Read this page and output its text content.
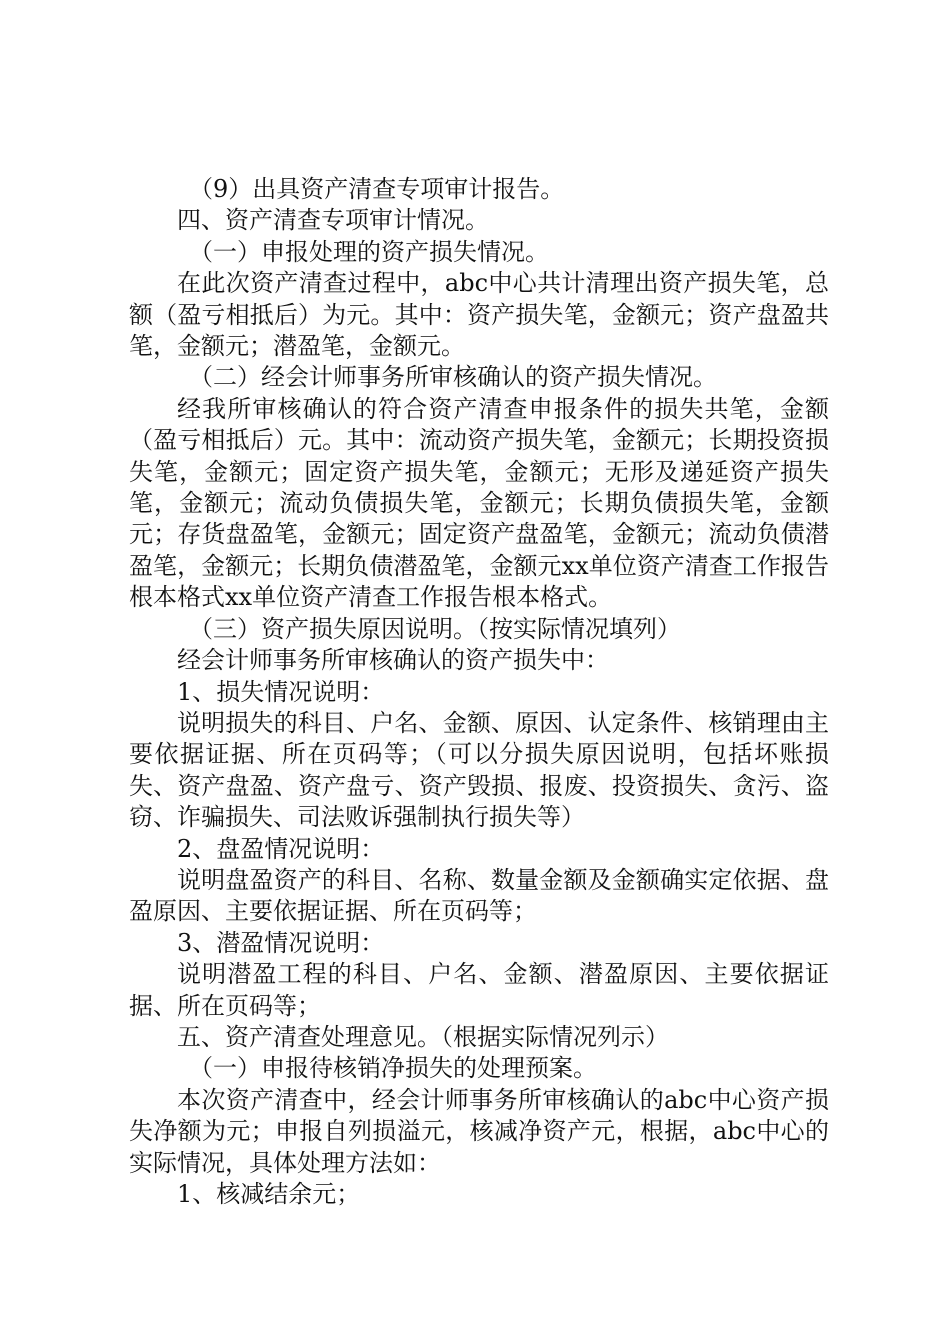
（9）出具资产清查专项审计报告。

四、资产清查专项审计情况。

（一）申报处理的资产损失情况。

在此次资产清查过程中，abc中心共计清理出资产损失笔，总额（盈亏相抵后）为元。其中：资产损失笔，金额元；资产盘盈共笔，金额元；潜盈笔，金额元。

（二）经会计师事务所审核确认的资产损失情况。

经我所审核确认的符合资产清查申报条件的损失共笔，金额（盈亏相抵后）元。其中：流动资产损失笔，金额元；长期投资损失笔，金额元；固定资产损失笔，金额元；无形及递延资产损失笔，金额元；流动负债损失笔，金额元；长期负债损失笔，金额元；存货盘盈笔，金额元；固定资产盘盈笔，金额元；流动负债潜盈笔，金额元；长期负债潜盈笔，金额元xx单位资产清查工作报告根本格式xx单位资产清查工作报告根本格式。

（三）资产损失原因说明。（按实际情况填列）

经会计师事务所审核确认的资产损失中：

1、损失情况说明：

说明损失的科目、户名、金额、原因、认定条件、核销理由主要依据证据、所在页码等；（可以分损失原因说明，包括坏账损失、资产盘盈、资产盘亏、资产毁损、报废、投资损失、贪污、盗窃、诈骗损失、司法败诉强制执行损失等）

2、盘盈情况说明：

说明盘盈资产的科目、名称、数量金额及金额确实定依据、盘盈原因、主要依据证据、所在页码等；

3、潜盈情况说明：

说明潜盈工程的科目、户名、金额、潜盈原因、主要依据证据、所在页码等；

五、资产清查处理意见。（根据实际情况列示）

（一）申报待核销净损失的处理预案。

本次资产清查中，经会计师事务所审核确认的abc中心资产损失净额为元；申报自列损溢元，核减净资产元，根据，abc中心的实际情况，具体处理方法如：

1、核减结余元；
